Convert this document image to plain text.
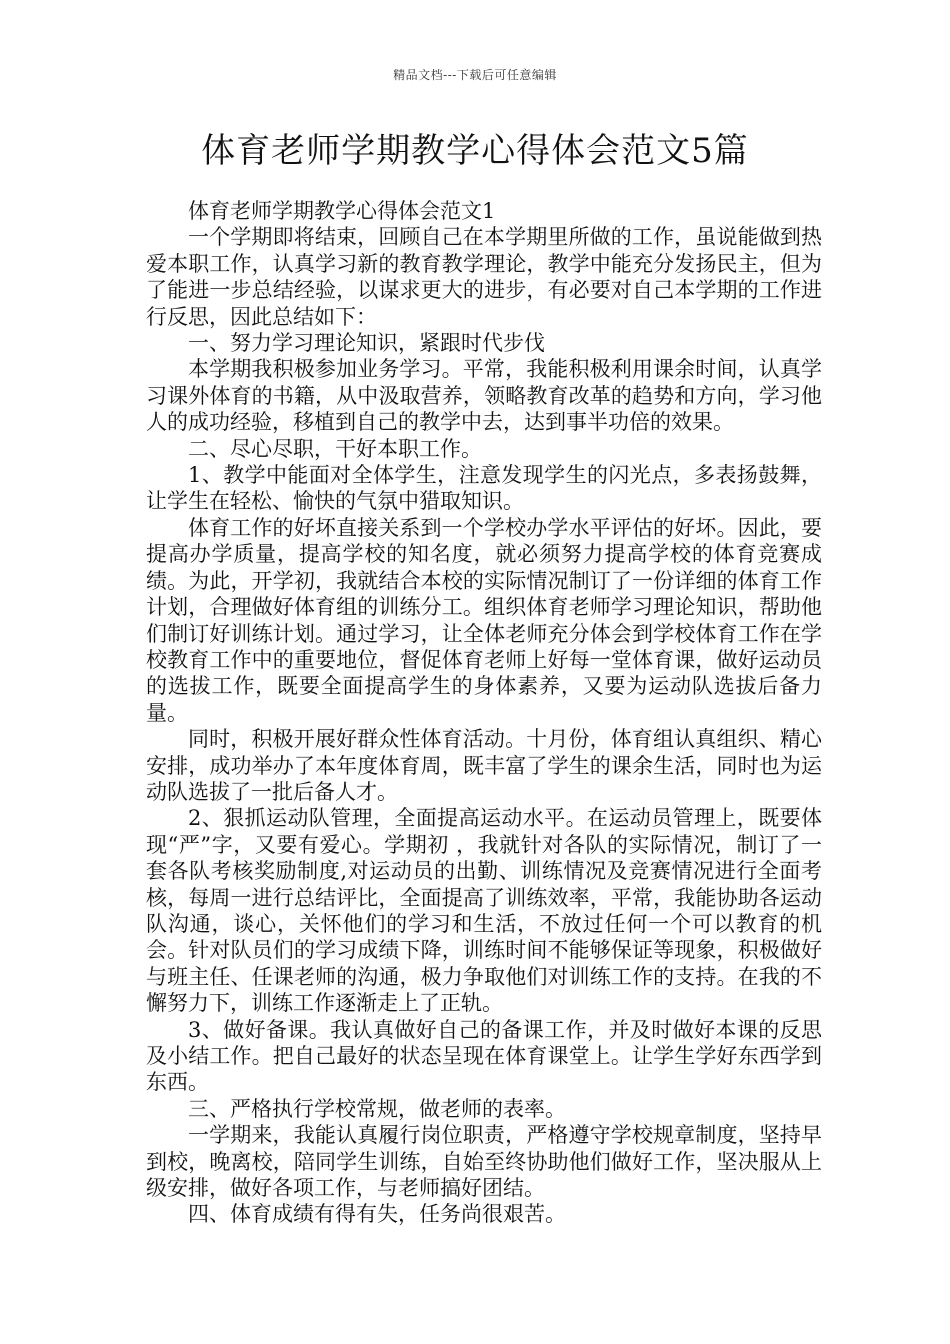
精品文档---下载后可任意编辑
体育老师学期教学心得体会范文5篇

体育老师学期教学心得体会范文1

一个学期即将结束，回顾自己在本学期里所做的工作，虽说能做到热爱本职工作，认真学习新的教育教学理论，教学中能充分发扬民主，但为了能进一步总结经验，以谋求更大的进步，有必要对自己本学期的工作进行反思，因此总结如下：

一、努力学习理论知识，紧跟时代步伐

本学期我积极参加业务学习。平常，我能积极利用课余时间，认真学习课外体育的书籍，从中汲取营养，领略教育改革的趋势和方向，学习他人的成功经验，移植到自己的教学中去，达到事半功倍的效果。

二、尽心尽职，干好本职工作。

1、教学中能面对全体学生，注意发现学生的闪光点，多表扬鼓舞，让学生在轻松、愉快的气氛中猎取知识。

体育工作的好坏直接关系到一个学校办学水平评估的好坏。因此，要提高办学质量，提高学校的知名度，就必须努力提高学校的体育竞赛成绩。为此，开学初，我就结合本校的实际情况制订了一份详细的体育工作计划，合理做好体育组的训练分工。组织体育老师学习理论知识，帮助他们制订好训练计划。通过学习，让全体老师充分体会到学校体育工作在学校教育工作中的重要地位，督促体育老师上好每一堂体育课，做好运动员的选拔工作，既要全面提高学生的身体素养，又要为运动队选拔后备力量。

同时，积极开展好群众性体育活动。十月份，体育组认真组织、精心安排，成功举办了本年度体育周，既丰富了学生的课余生活，同时也为运动队选拔了一批后备人才。

2、狠抓运动队管理，全面提高运动水平。在运动员管理上，既要体现“严”字，又要有爱心。学期初 ，我就针对各队的实际情况，制订了一套各队考核奖励制度,对运动员的出勤、训练情况及竞赛情况进行全面考核，每周一进行总结评比，全面提高了训练效率，平常，我能协助各运动队沟通，谈心，关怀他们的学习和生活，不放过任何一个可以教育的机会。针对队员们的学习成绩下降，训练时间不能够保证等现象，积极做好与班主任、任课老师的沟通，极力争取他们对训练工作的支持。在我的不懈努力下，训练工作逐渐走上了正轨。

3、做好备课。我认真做好自己的备课工作，并及时做好本课的反思及小结工作。把自己最好的状态呈现在体育课堂上。让学生学好东西学到东西。

三、严格执行学校常规，做老师的表率。

一学期来，我能认真履行岗位职责，严格遵守学校规章制度，坚持早到校，晚离校，陪同学生训练，自始至终协助他们做好工作，坚决服从上级安排，做好各项工作，与老师搞好团结。

四、体育成绩有得有失，任务尚很艰苦。
